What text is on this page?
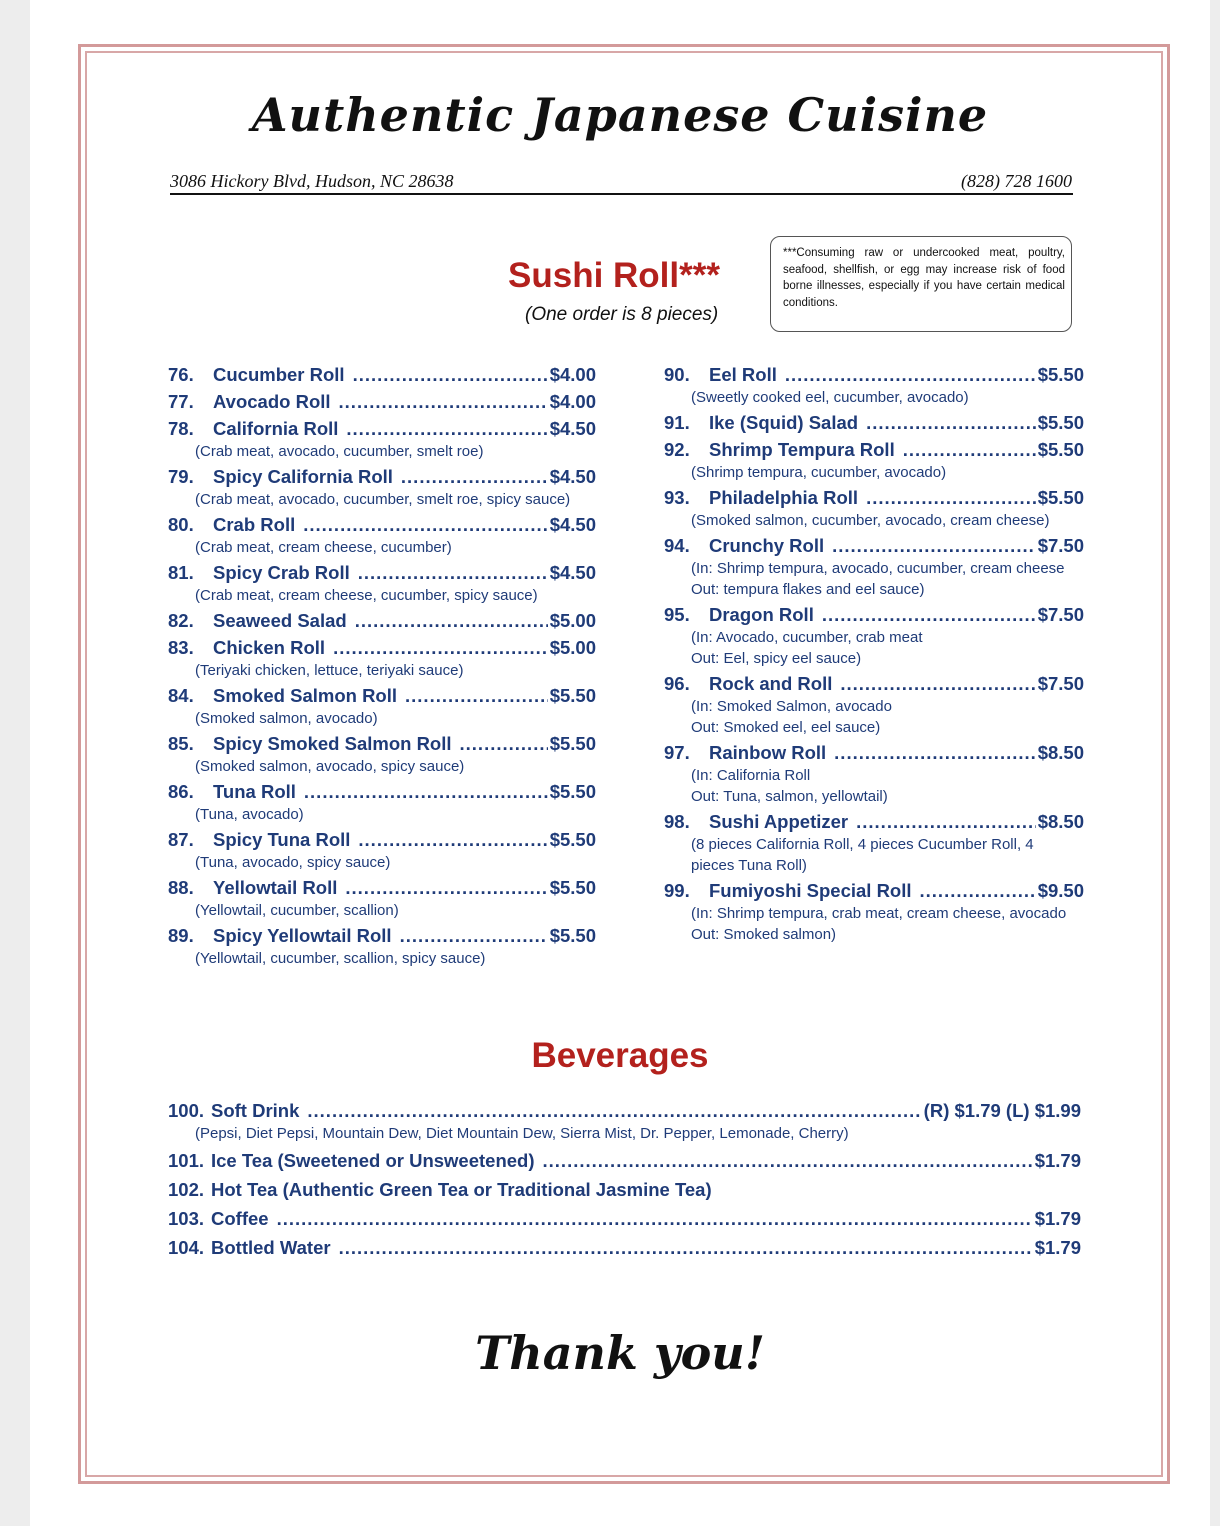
Authentic Japanese Cuisine
3086 Hickory Blvd, Hudson, NC 28638	(828) 728 1600
Sushi Roll***
(One order is 8 pieces)
***Consuming raw or undercooked meat, poultry, seafood, shellfish, or egg may increase risk of food borne illnesses, especially if you have certain medical conditions.
76.	Cucumber Roll .....	$4.00
77.	Avocado Roll .....	$4.00
78.	California Roll .....	$4.50
(Crab meat, avocado, cucumber, smelt roe)
79.	Spicy California Roll .....	$4.50
(Crab meat, avocado, cucumber, smelt roe, spicy sauce)
80.	Crab Roll .....	$4.50
(Crab meat, cream cheese, cucumber)
81.	Spicy Crab Roll .....	$4.50
(Crab meat, cream cheese, cucumber, spicy sauce)
82.	Seaweed Salad .....	$5.00
83.	Chicken Roll .....	$5.00
(Teriyaki chicken, lettuce, teriyaki sauce)
84.	Smoked Salmon Roll .....	$5.50
(Smoked salmon, avocado)
85.	Spicy Smoked Salmon Roll .....	$5.50
(Smoked salmon, avocado, spicy sauce)
86.	Tuna Roll .....	$5.50
(Tuna, avocado)
87.	Spicy Tuna Roll .....	$5.50
(Tuna, avocado, spicy sauce)
88.	Yellowtail Roll .....	$5.50
(Yellowtail, cucumber, scallion)
89.	Spicy Yellowtail Roll .....	$5.50
(Yellowtail, cucumber, scallion, spicy sauce)
90.	Eel Roll .....	$5.50
(Sweetly cooked eel, cucumber, avocado)
91.	Ike (Squid) Salad .....	$5.50
92.	Shrimp Tempura Roll .....	$5.50
(Shrimp tempura, cucumber, avocado)
93.	Philadelphia Roll .....	$5.50
(Smoked salmon, cucumber, avocado, cream cheese)
94.	Crunchy Roll .....	$7.50
(In: Shrimp tempura, avocado, cucumber, cream cheese
Out: tempura flakes and eel sauce)
95.	Dragon Roll .....	$7.50
(In: Avocado, cucumber, crab meat
Out: Eel, spicy eel sauce)
96.	Rock and Roll .....	$7.50
(In: Smoked Salmon, avocado
Out: Smoked eel, eel sauce)
97.	Rainbow Roll .....	$8.50
(In: California Roll
Out: Tuna, salmon, yellowtail)
98.	Sushi Appetizer .....	$8.50
(8 pieces California Roll, 4 pieces Cucumber Roll, 4
pieces Tuna Roll)
99.	Fumiyoshi Special Roll .....	$9.50
(In: Shrimp tempura, crab meat, cream cheese, avocado
Out: Smoked salmon)
Beverages
100. Soft Drink .....	(R) $1.79 (L) $1.99
(Pepsi, Diet Pepsi, Mountain Dew, Diet Mountain Dew, Sierra Mist, Dr. Pepper, Lemonade, Cherry)
101. Ice Tea (Sweetened or Unsweetened) .....	$1.79
102. Hot Tea (Authentic Green Tea or Traditional Jasmine Tea)
103. Coffee .....	$1.79
104. Bottled Water .....	$1.79
Thank you!
